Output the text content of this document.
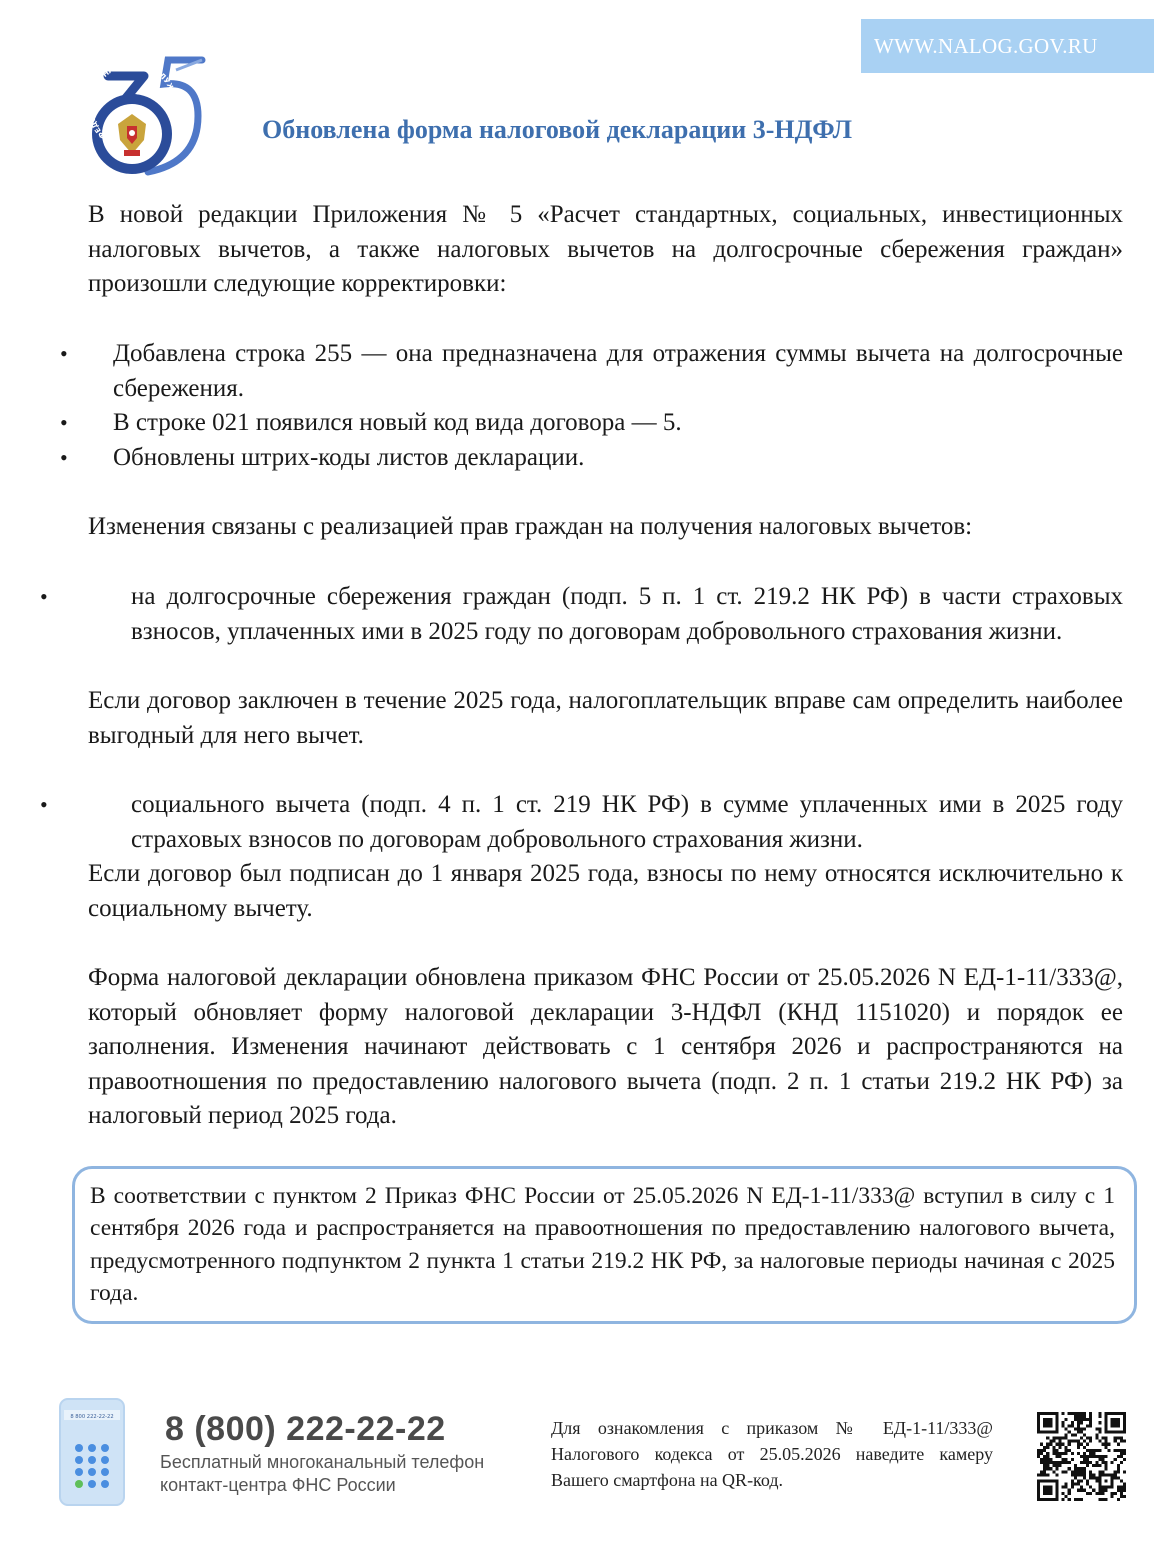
WWW.NALOG.GOV.RU
ФЕДЕРАЛЬНАЯ НАЛОГОВАЯ СЛУЖБА
Обновлена форма налоговой декларации 3-НДФЛ
В новой редакции Приложения № 5 «Расчет стандартных, социальных, инвестиционных налоговых вычетов, а также налоговых вычетов на долгосрочные сбережения граждан» произошли следующие корректировки:
• Добавлена строка 255 — она предназначена для отражения суммы вычета на долгосрочные сбережения.
• В строке 021 появился новый код вида договора — 5.
• Обновлены штрих-коды листов декларации.
Изменения связаны с реализацией прав граждан на получения налоговых вычетов:
•	на долгосрочные сбережения граждан (подп. 5 п. 1 ст. 219.2 НК РФ) в части страховых взносов, уплаченных ими в 2025 году по договорам добровольного страхования жизни.
Если договор заключен в течение 2025 года, налогоплательщик вправе сам определить наиболее выгодный для него вычет.
•	социального вычета (подп. 4 п. 1 ст. 219 НК РФ) в сумме уплаченных ими в 2025 году страховых взносов по договорам добровольного страхования жизни.
Если договор был подписан до 1 января 2025 года, взносы по нему относятся исключительно к социальному вычету.
Форма налоговой декларации обновлена приказом ФНС России от 25.05.2026 N ЕД-1-11/333@, который обновляет форму налоговой декларации 3-НДФЛ (КНД 1151020) и порядок ее заполнения. Изменения начинают действовать с 1 сентября 2026 и распространяются на правоотношения по предоставлению налогового вычета (подп. 2 п. 1 статьи 219.2 НК РФ) за налоговый период 2025 года.
В соответствии с пунктом 2 Приказ ФНС России от 25.05.2026 N ЕД-1-11/333@ вступил в силу с 1 сентября 2026 года и распространяется на правоотношения по предоставлению налогового вычета, предусмотренного подпунктом 2 пункта 1 статьи 219.2 НК РФ, за налоговые периоды начиная с 2025 года.
8 800 222-22-22 8 (800) 222-22-22
Бесплатный многоканальный телефон
контакт-центра ФНС России
Для ознакомления с приказом № ЕД-1-11/333@ Налогового кодекса от 25.05.2026 наведите камеру Вашего смартфона на QR-код.
